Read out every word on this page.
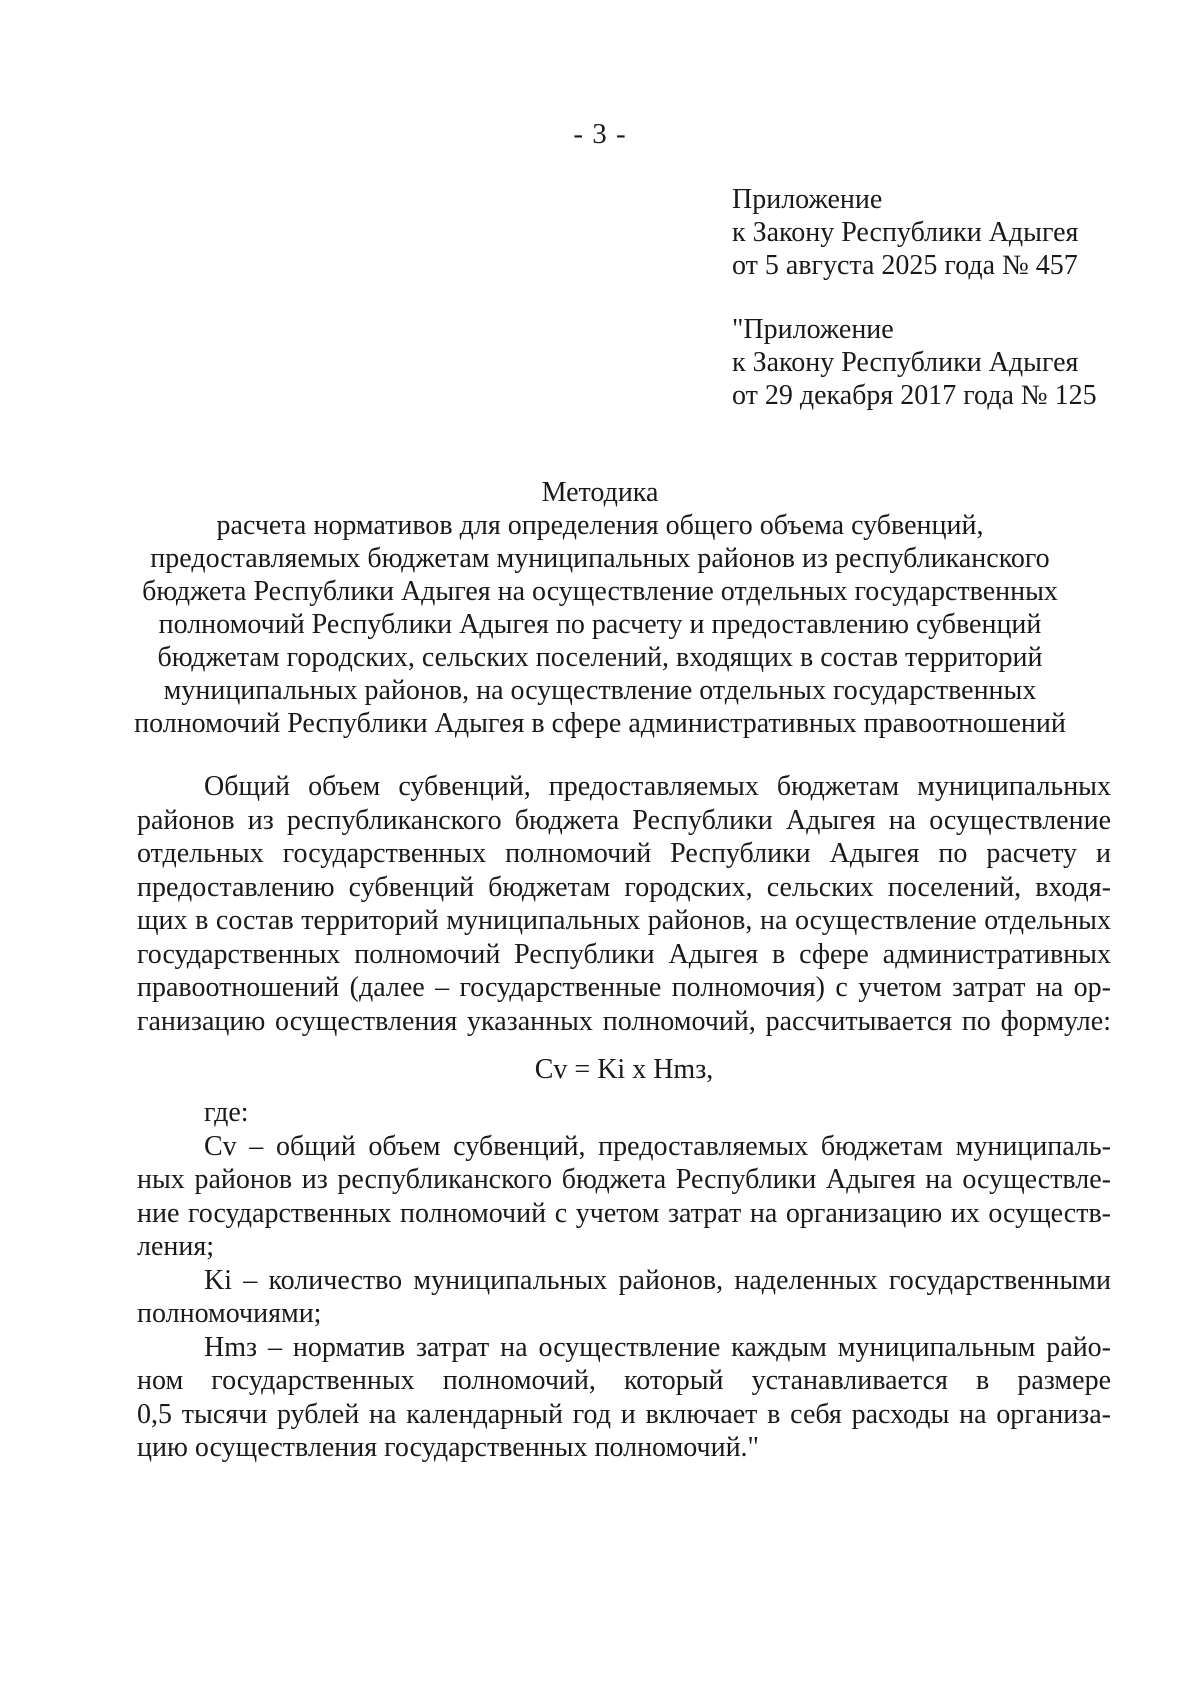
- 3 -
Приложение
к Закону Республики Адыгея
от 5 августа 2025 года № 457
"Приложение
к Закону Республики Адыгея
от 29 декабря 2017 года № 125
Методика
расчета нормативов для определения общего объема субвенций,
предоставляемых бюджетам муниципальных районов из республиканского
бюджета Республики Адыгея на осуществление отдельных государственных
полномочий Республики Адыгея по расчету и предоставлению субвенций
бюджетам городских, сельских поселений, входящих в состав территорий
муниципальных районов, на осуществление отдельных государственных
полномочий Республики Адыгея в сфере административных правоотношений
Общий объем субвенций, предоставляемых бюджетам муниципальных
районов из республиканского бюджета Республики Адыгея на осуществление
отдельных государственных полномочий Республики Адыгея по расчету и
предоставлению субвенций бюджетам городских, сельских поселений, входя-
щих в состав территорий муниципальных районов, на осуществление отдельных
государственных полномочий Республики Адыгея в сфере административных
правоотношений (далее – государственные полномочия) с учетом затрат на ор-
ганизацию осуществления указанных полномочий, рассчитывается по формуле:
Cv = Ki x Hmз,
где:
Cv – общий объем субвенций, предоставляемых бюджетам муниципаль-
ных районов из республиканского бюджета Республики Адыгея на осуществле-
ние государственных полномочий с учетом затрат на организацию их осуществ-
ления;
Ki – количество муниципальных районов, наделенных государственными
полномочиями;
Hmз – норматив затрат на осуществление каждым муниципальным райо-
ном государственных полномочий, который устанавливается в размере
0,5 тысячи рублей на календарный год и включает в себя расходы на организа-
цию осуществления государственных полномочий."
